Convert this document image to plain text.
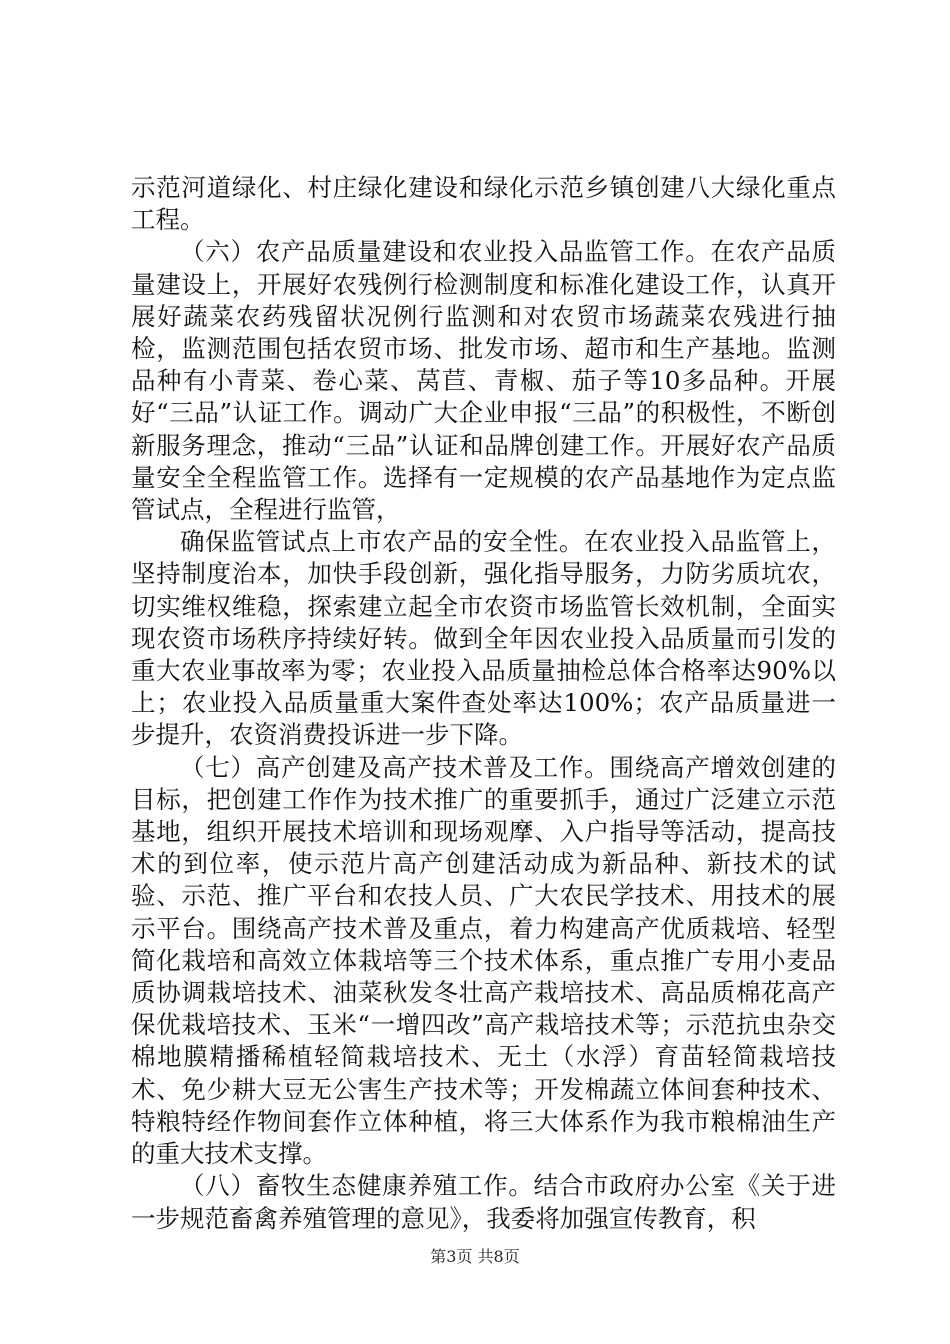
示范河道绿化、村庄绿化建设和绿化示范乡镇创建八大绿化重点工程。

（六）农产品质量建设和农业投入品监管工作。在农产品质量建设上，开展好农残例行检测制度和标准化建设工作，认真开展好蔬菜农药残留状况例行监测和对农贸市场蔬菜农残进行抽检，监测范围包括农贸市场、批发市场、超市和生产基地。监测品种有小青菜、卷心菜、莴苣、青椒、茄子等10多品种。开展好“三品”认证工作。调动广大企业申报“三品”的积极性，不断创新服务理念，推动“三品”认证和品牌创建工作。开展好农产品质量安全全程监管工作。选择有一定规模的农产品基地作为定点监管试点，全程进行监管，

确保监管试点上市农产品的安全性。在农业投入品监管上，坚持制度治本，加快手段创新，强化指导服务，力防劣质坑农，切实维权维稳，探索建立起全市农资市场监管长效机制，全面实现农资市场秩序持续好转。做到全年因农业投入品质量而引发的重大农业事故率为零；农业投入品质量抽检总体合格率达90%以上；农业投入品质量重大案件查处率达100%；农产品质量进一步提升，农资消费投诉进一步下降。

（七）高产创建及高产技术普及工作。围绕高产增效创建的目标，把创建工作作为技术推广的重要抓手，通过广泛建立示范基地，组织开展技术培训和现场观摩、入户指导等活动，提高技术的到位率，使示范片高产创建活动成为新品种、新技术的试验、示范、推广平台和农技人员、广大农民学技术、用技术的展示平台。围绕高产技术普及重点，着力构建高产优质栽培、轻型简化栽培和高效立体栽培等三个技术体系，重点推广专用小麦品质协调栽培技术、油菜秋发冬壮高产栽培技术、高品质棉花高产保优栽培技术、玉米“一增四改”高产栽培技术等；示范抗虫杂交棉地膜精播稀植轻简栽培技术、无土（水浮）育苗轻简栽培技术、免少耕大豆无公害生产技术等；开发棉蔬立体间套种技术、特粮特经作物间套作立体种植，将三大体系作为我市粮棉油生产的重大技术支撑。

（八）畜牧生态健康养殖工作。结合市政府办公室《关于进一步规范畜禽养殖管理的意见》，我委将加强宣传教育，积

第3页 共8页
